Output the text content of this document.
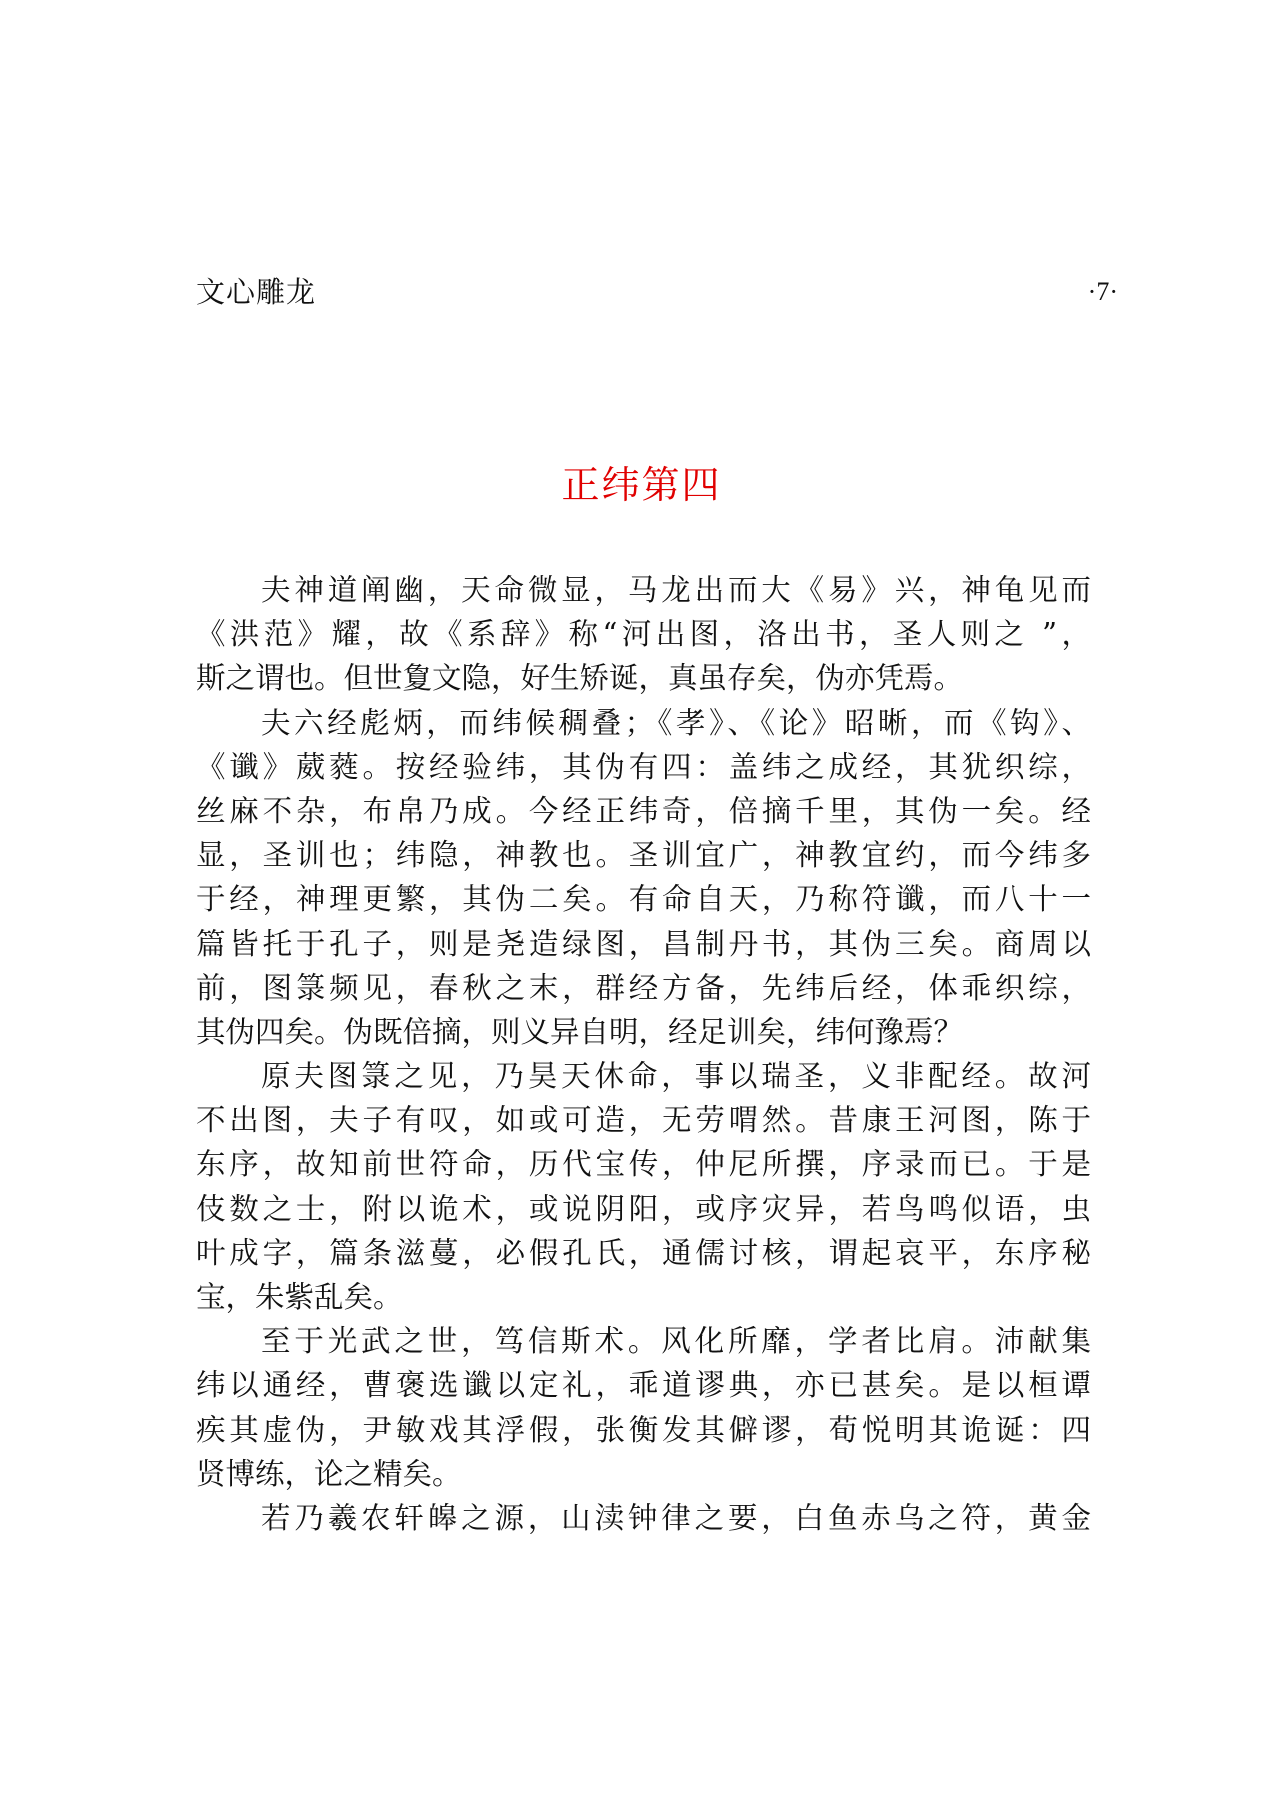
文心雕龙	·7·
正纬第四
夫神道阐幽，天命微显，马龙出而大《易》兴，神龟见而
《洪范》耀，故《系辞》称“河出图，洛出书，圣人则之 ”，
斯之谓也。但世夐文隐，好生矫诞，真虽存矣，伪亦凭焉。
夫六经彪炳，而纬候稠叠；《孝》、《论》昭晰，而《钩》、
《谶》葳蕤。按经验纬，其伪有四：盖纬之成经，其犹织综，
丝麻不杂，布帛乃成。今经正纬奇，倍摘千里，其伪一矣。经
显，圣训也；纬隐，神教也。圣训宜广，神教宜约，而今纬多
于经，神理更繁，其伪二矣。有命自天，乃称符谶，而八十一
篇皆托于孔子，则是尧造绿图，昌制丹书，其伪三矣。商周以
前，图箓频见，春秋之末，群经方备，先纬后经，体乖织综，
其伪四矣。伪既倍摘，则义异自明，经足训矣，纬何豫焉？
原夫图箓之见，乃昊天休命，事以瑞圣，义非配经。故河
不出图，夫子有叹，如或可造，无劳喟然。昔康王河图，陈于
东序，故知前世符命，历代宝传，仲尼所撰，序录而已。于是
伎数之士，附以诡术，或说阴阳，或序灾异，若鸟鸣似语，虫
叶成字，篇条滋蔓，必假孔氏，通儒讨核，谓起哀平，东序秘
宝，朱紫乱矣。
至于光武之世，笃信斯术。风化所靡，学者比肩。沛献集
纬以通经，曹褒选谶以定礼，乖道谬典，亦已甚矣。是以桓谭
疾其虚伪，尹敏戏其浮假，张衡发其僻谬，荀悦明其诡诞：四
贤博练，论之精矣。
若乃羲农轩皞之源，山渎钟律之要，白鱼赤乌之符，黄金
